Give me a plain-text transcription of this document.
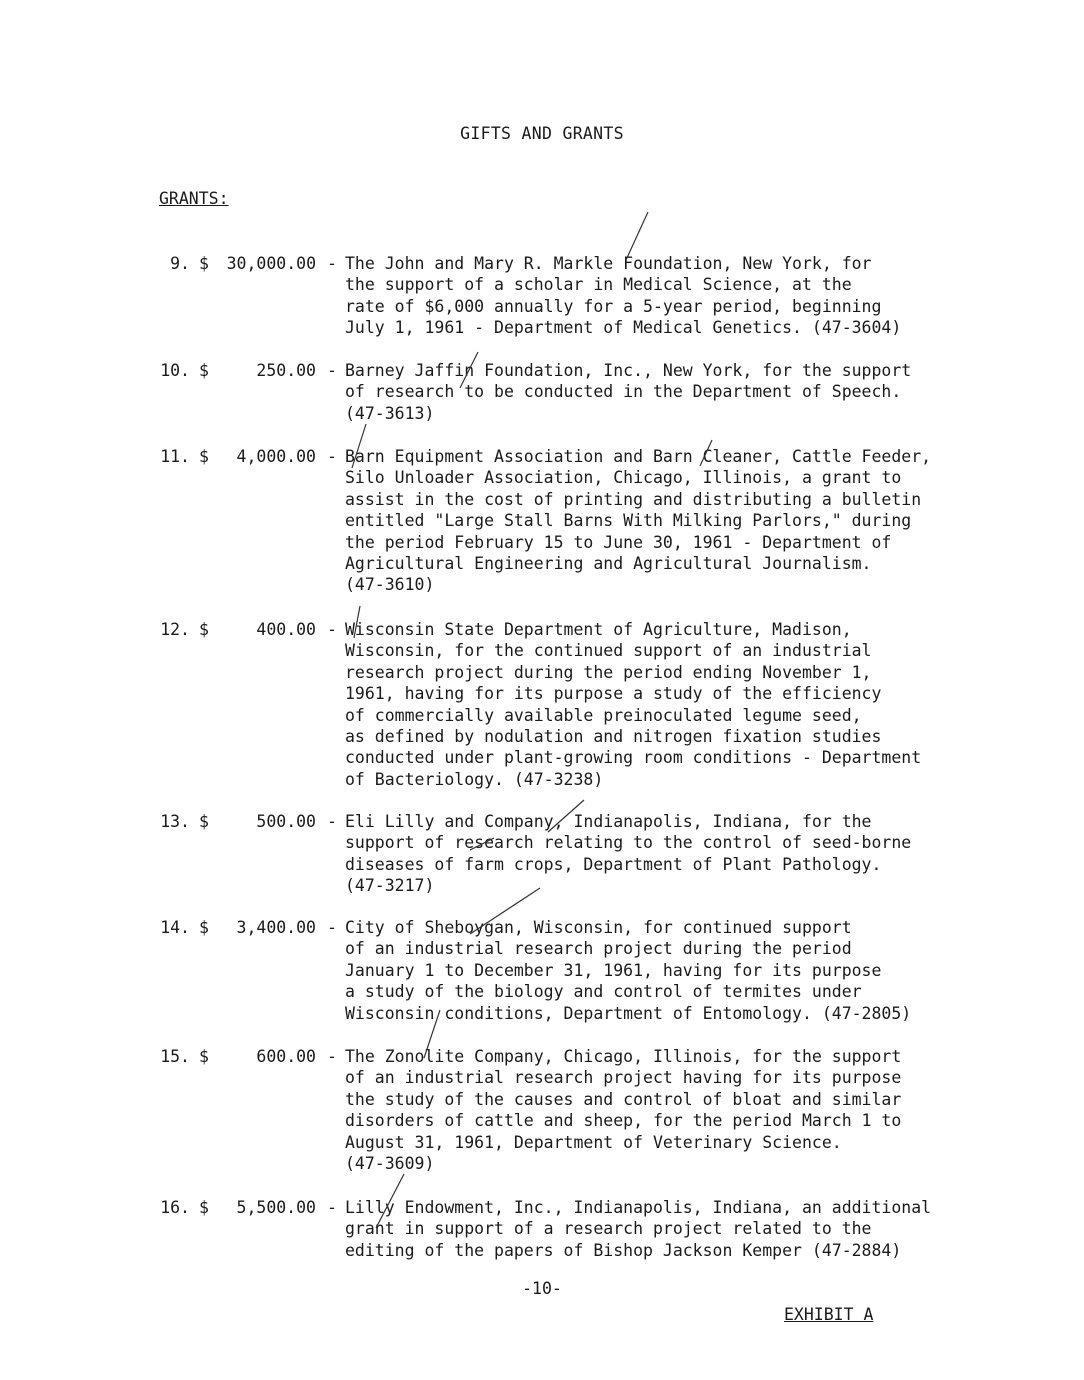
GIFTS AND GRANTS
GRANTS:
9. $	30,000.00 - The John and Mary R. Markle Foundation, New York, for
the support of a scholar in Medical Science, at the
rate of $6,000 annually for a 5-year period, beginning
July 1, 1961 - Department of Medical Genetics. (47-3604)
10. $	250.00 - Barney Jaffin Foundation, Inc., New York, for the support
of research to be conducted in the Department of Speech.
(47-3613)
11. $	4,000.00 - Barn Equipment Association and Barn Cleaner, Cattle Feeder,
Silo Unloader Association, Chicago, Illinois, a grant to
assist in the cost of printing and distributing a bulletin
entitled "Large Stall Barns With Milking Parlors," during
the period February 15 to June 30, 1961 - Department of
Agricultural Engineering and Agricultural Journalism.
(47-3610)
12. $	400.00 - Wisconsin State Department of Agriculture, Madison,
Wisconsin, for the continued support of an industrial
research project during the period ending November 1,
1961, having for its purpose a study of the efficiency
of commercially available preinoculated legume seed,
as defined by nodulation and nitrogen fixation studies
conducted under plant-growing room conditions - Department
of Bacteriology. (47-3238)
13. $	500.00 - Eli Lilly and Company, Indianapolis, Indiana, for the
support of research relating to the control of seed-borne
diseases of farm crops, Department of Plant Pathology.
(47-3217)
14. $	3,400.00 - City of Sheboygan, Wisconsin, for continued support
of an industrial research project during the period
January 1 to December 31, 1961, having for its purpose
a study of the biology and control of termites under
Wisconsin conditions, Department of Entomology. (47-2805)
15. $	600.00 - The Zonolite Company, Chicago, Illinois, for the support
of an industrial research project having for its purpose
the study of the causes and control of bloat and similar
disorders of cattle and sheep, for the period March 1 to
August 31, 1961, Department of Veterinary Science.
(47-3609)
16. $	5,500.00 - Lilly Endowment, Inc., Indianapolis, Indiana, an additional
grant in support of a research project related to the
editing of the papers of Bishop Jackson Kemper (47-2884)
-10-
EXHIBIT A
